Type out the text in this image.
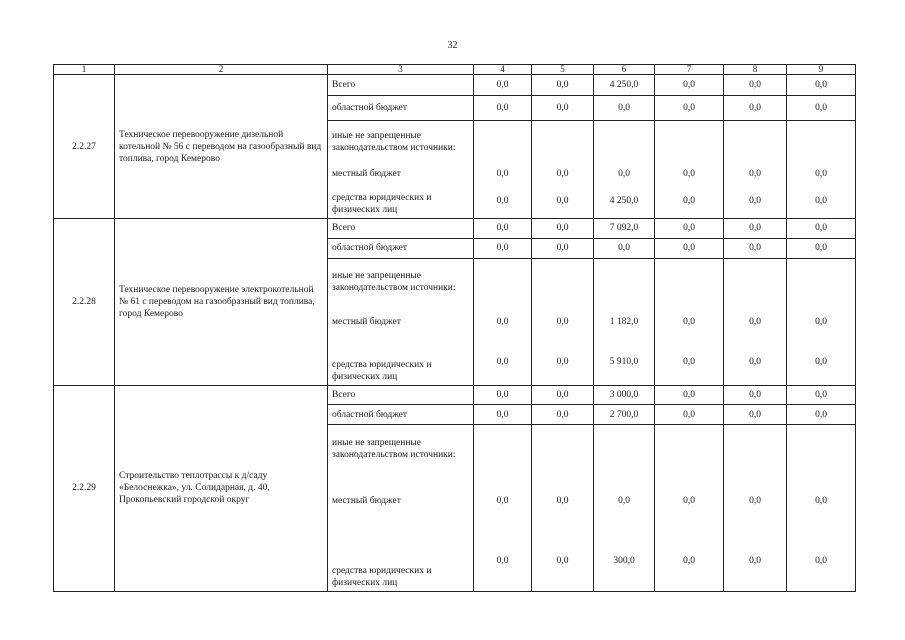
32
1	2	3	4	5	6	7	8	9
2.2.27	Техническое перевооружение дизельной котельной № 56 с переводом на газообразный вид топлива, город Кемерово	Всего	0,0	0,0	4 250,0	0,0	0,0	0,0
		областной бюджет	0,0	0,0	0,0	0,0	0,0	0,0
		иные не запрещенные законодательством источники:						
		местный бюджет	0,0	0,0	0,0	0,0	0,0	0,0
		средства юридических и физических лиц	0,0	0,0	4 250,0	0,0	0,0	0,0
2.2.28	Техническое перевооружение электрокотельной № 61 с переводом на газообразный вид топлива, город Кемерово	Всего	0,0	0,0	7 092,0	0,0	0,0	0,0
		областной бюджет	0,0	0,0	0,0	0,0	0,0	0,0
		иные не запрещенные законодательством источники:						
		местный бюджет	0,0	0,0	1 182,0	0,0	0,0	0,0
		средства юридических и физических лиц	0,0	0,0	5 910,0	0,0	0,0	0,0
2.2.29	Строительство теплотрассы к д/саду «Белоснежка», ул. Солидарная, д. 40, Прокопьевский городской округ	Всего	0,0	0,0	3 000,0	0,0	0,0	0,0
		областной бюджет	0,0	0,0	2 700,0	0,0	0,0	0,0
		иные не запрещенные законодательством источники:						
		местный бюджет	0,0	0,0	0,0	0,0	0,0	0,0
		средства юридических и физических лиц	0,0	0,0	300,0	0,0	0,0	0,0
